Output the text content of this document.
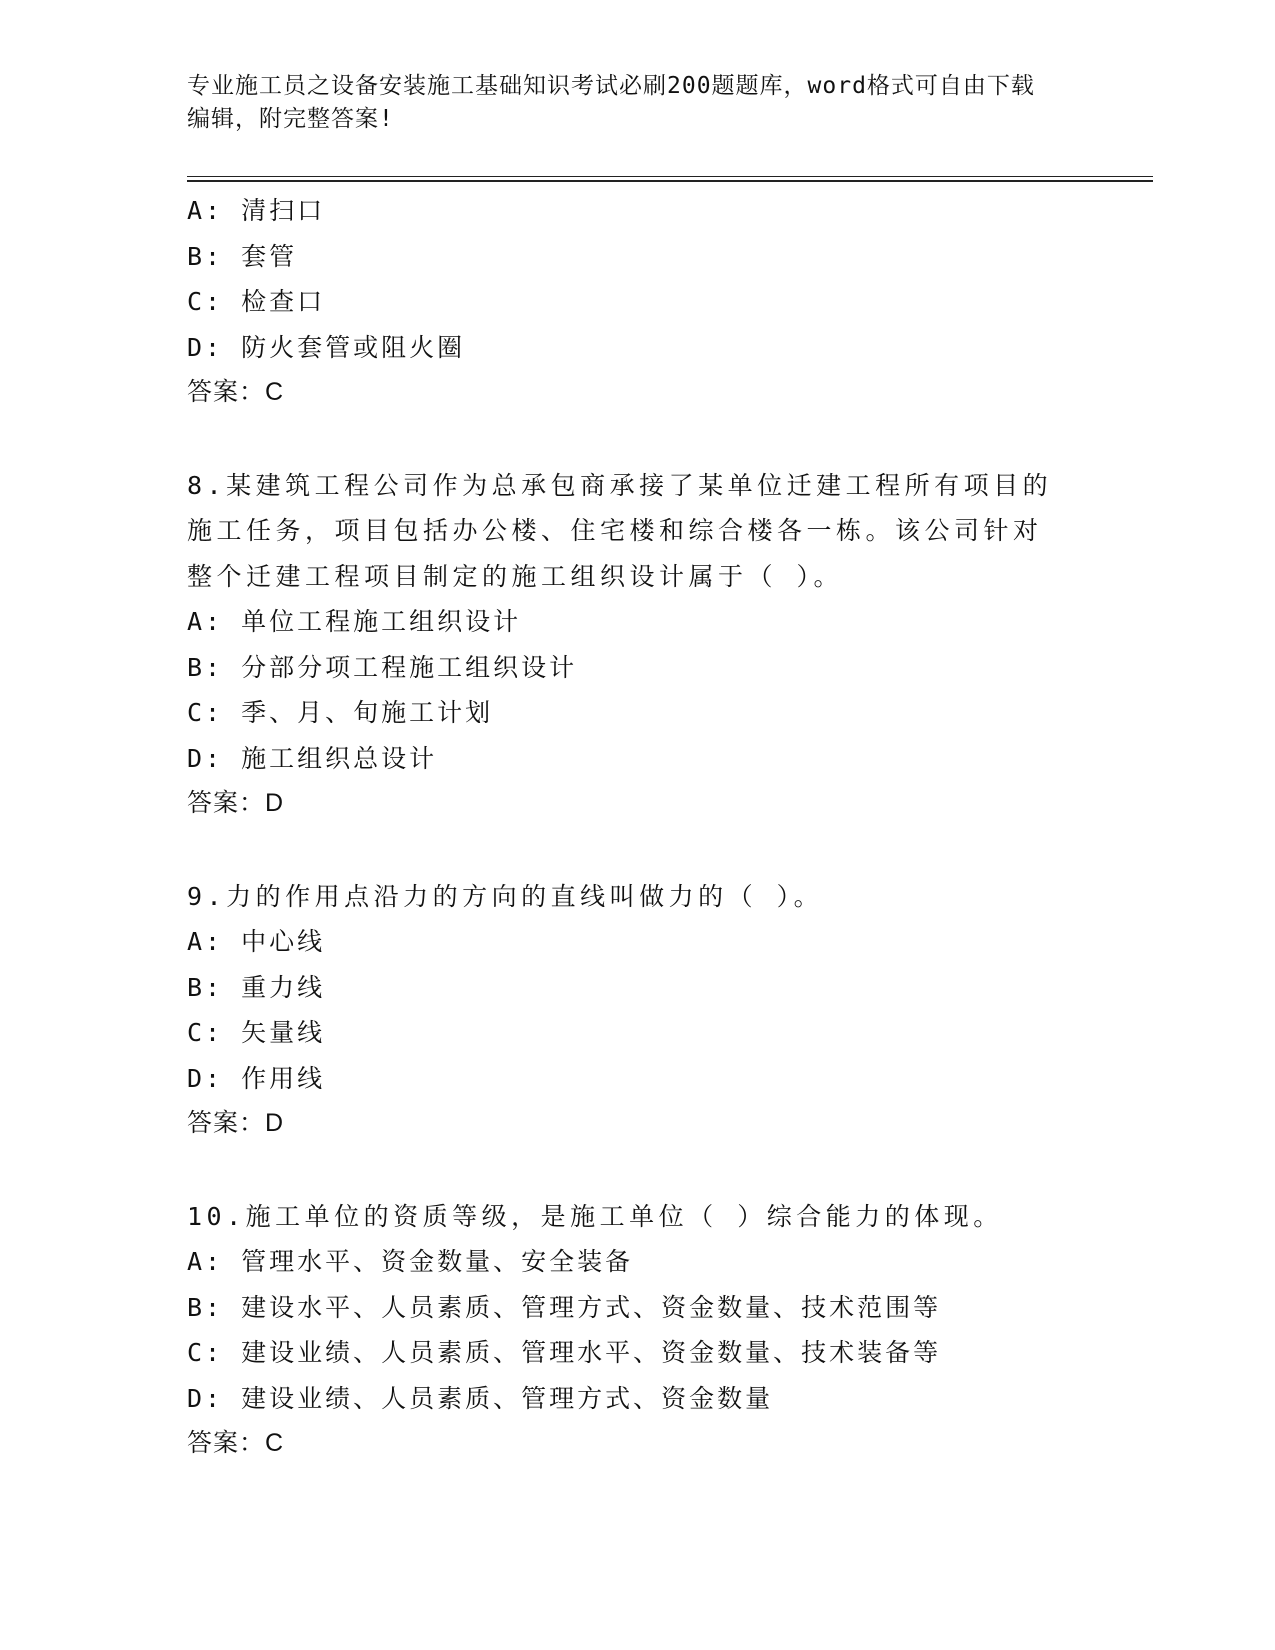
专业施工员之设备安装施工基础知识考试必刷200题题库，word格式可自由下载
编辑，附完整答案!
A: 清扫口
B: 套管
C: 检查口
D: 防火套管或阻火圈
答案：C
8.某建筑工程公司作为总承包商承接了某单位迁建工程所有项目的施工任务，项目包括办公楼、住宅楼和综合楼各一栋。该公司针对整个迁建工程项目制定的施工组织设计属于（ ）。
A: 单位工程施工组织设计
B: 分部分项工程施工组织设计
C: 季、月、旬施工计划
D: 施工组织总设计
答案：D
9.力的作用点沿力的方向的直线叫做力的（ ）。
A: 中心线
B: 重力线
C: 矢量线
D: 作用线
答案：D
10.施工单位的资质等级，是施工单位（ ）综合能力的体现。
A: 管理水平、资金数量、安全装备
B: 建设水平、人员素质、管理方式、资金数量、技术范围等
C: 建设业绩、人员素质、管理水平、资金数量、技术装备等
D: 建设业绩、人员素质、管理方式、资金数量
答案：C
